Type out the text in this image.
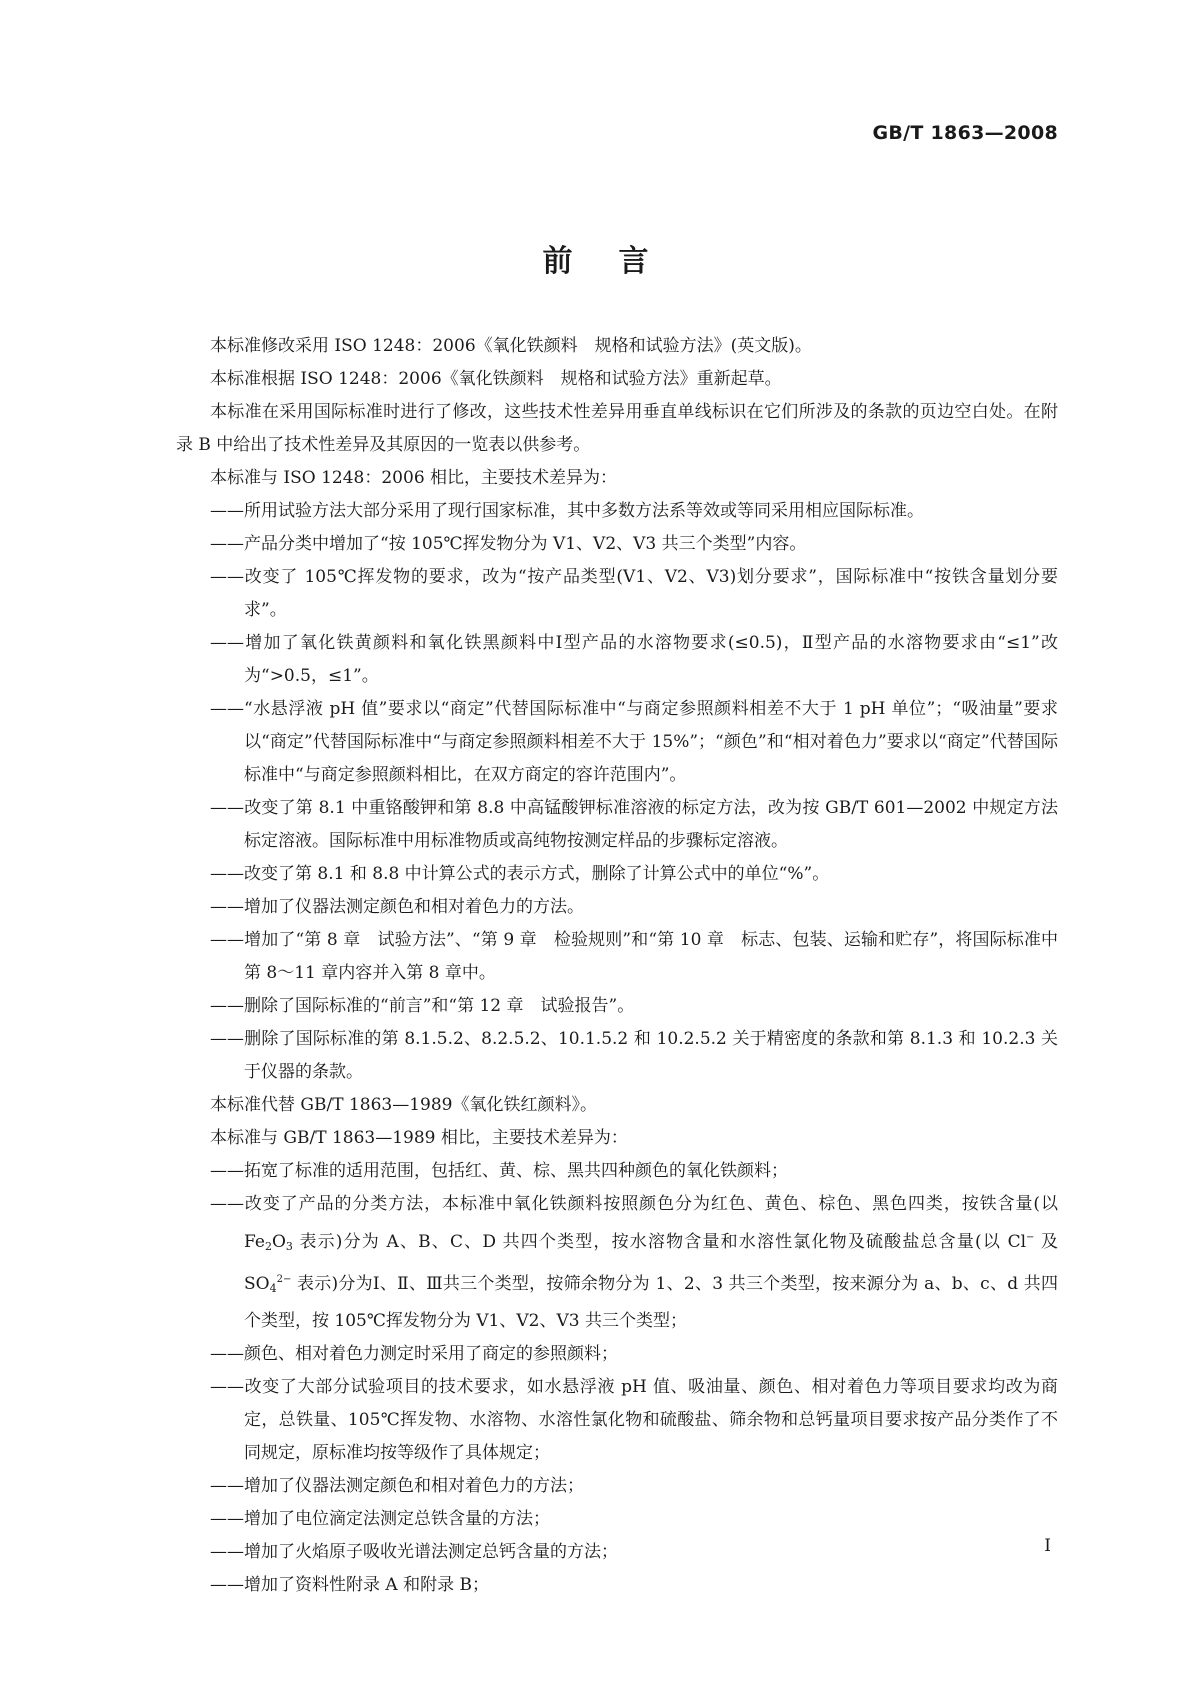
GB/T 1863—2008
前言

本标准修改采用 ISO 1248：2006《氧化铁颜料　规格和试验方法》(英文版)。

本标准根据 ISO 1248：2006《氧化铁颜料　规格和试验方法》重新起草。

本标准在采用国际标准时进行了修改，这些技术性差异用垂直单线标识在它们所涉及的条款的页边空白处。在附录 B 中给出了技术性差异及其原因的一览表以供参考。

本标准与 ISO 1248：2006 相比，主要技术差异为：

——所用试验方法大部分采用了现行国家标准，其中多数方法系等效或等同采用相应国际标准。
——产品分类中增加了“按 105℃挥发物分为 V1、V2、V3 共三个类型”内容。
——改变了 105℃挥发物的要求，改为“按产品类型(V1、V2、V3)划分要求”，国际标准中“按铁含量划分要求”。
——增加了氧化铁黄颜料和氧化铁黑颜料中Ⅰ型产品的水溶物要求(≤0.5)，Ⅱ型产品的水溶物要求由“≤1”改为“>0.5，≤1”。
——“水悬浮液 pH 值”要求以“商定”代替国际标准中“与商定参照颜料相差不大于 1 pH 单位”；“吸油量”要求以“商定”代替国际标准中“与商定参照颜料相差不大于 15%”；“颜色”和“相对着色力”要求以“商定”代替国际标准中“与商定参照颜料相比，在双方商定的容许范围内”。
——改变了第 8.1 中重铬酸钾和第 8.8 中高锰酸钾标准溶液的标定方法，改为按 GB/T 601—2002 中规定方法标定溶液。国际标准中用标准物质或高纯物按测定样品的步骤标定溶液。
——改变了第 8.1 和 8.8 中计算公式的表示方式，删除了计算公式中的单位“%”。
——增加了仪器法测定颜色和相对着色力的方法。
——增加了“第 8 章　试验方法”、“第 9 章　检验规则”和“第 10 章　标志、包装、运输和贮存”，将国际标准中第 8～11 章内容并入第 8 章中。
——删除了国际标准的“前言”和“第 12 章　试验报告”。
——删除了国际标准的第 8.1.5.2、8.2.5.2、10.1.5.2 和 10.2.5.2 关于精密度的条款和第 8.1.3 和 10.2.3 关于仪器的条款。

本标准代替 GB/T 1863—1989《氧化铁红颜料》。

本标准与 GB/T 1863—1989 相比，主要技术差异为：

——拓宽了标准的适用范围，包括红、黄、棕、黑共四种颜色的氧化铁颜料；
——改变了产品的分类方法，本标准中氧化铁颜料按照颜色分为红色、黄色、棕色、黑色四类，按铁含量(以 $Fe_2O_3$ 表示)分为 A、B、C、D 共四个类型，按水溶物含量和水溶性氯化物及硫酸盐总含量(以 Cl− 及 $SO_4^{2-}$ 表示)分为Ⅰ、Ⅱ、Ⅲ共三个类型，按筛余物分为 1、2、3 共三个类型，按来源分为 a、b、c、d 共四个类型，按 105℃挥发物分为 V1、V2、V3 共三个类型；
——颜色、相对着色力测定时采用了商定的参照颜料；
——改变了大部分试验项目的技术要求，如水悬浮液 pH 值、吸油量、颜色、相对着色力等项目要求均改为商定，总铁量、105℃挥发物、水溶物、水溶性氯化物和硫酸盐、筛余物和总钙量项目要求按产品分类作了不同规定，原标准均按等级作了具体规定；
——增加了仪器法测定颜色和相对着色力的方法；
——增加了电位滴定法测定总铁含量的方法；
——增加了火焰原子吸收光谱法测定总钙含量的方法；
——增加了资料性附录 A 和附录 B；
Ⅰ
